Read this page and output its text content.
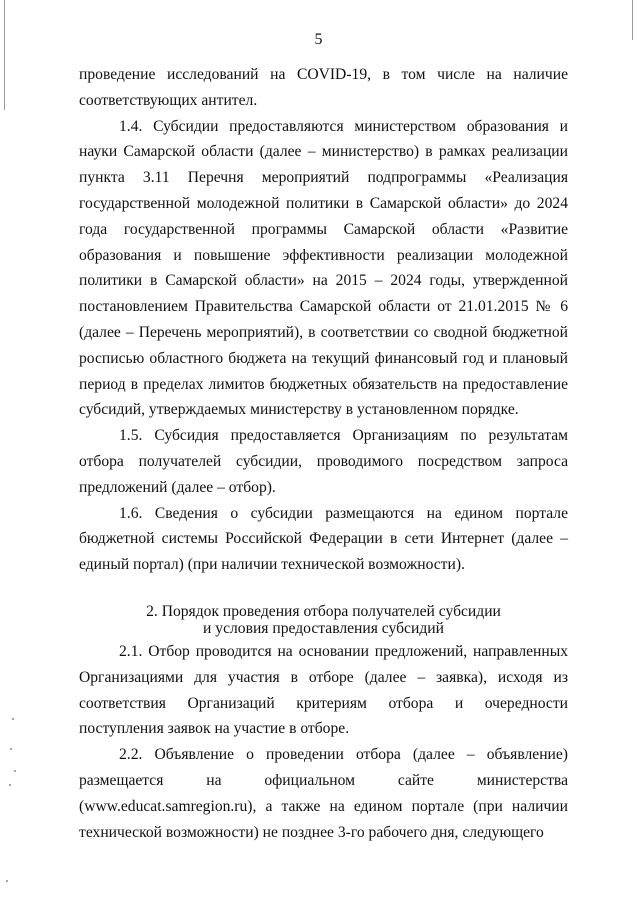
5

проведение исследований на COVID-19, в том числе на наличие соответствующих антител.

1.4. Субсидии предоставляются министерством образования и науки Самарской области (далее – министерство) в рамках реализации пункта 3.11 Перечня мероприятий подпрограммы «Реализация государственной молодежной политики в Самарской области» до 2024 года государственной программы Самарской области «Развитие образования и повышение эффективности реализации молодежной политики в Самарской области» на 2015 – 2024 годы, утвержденной постановлением Правительства Самарской области от 21.01.2015 № 6 (далее – Перечень мероприятий), в соответствии со сводной бюджетной росписью областного бюджета на текущий финансовый год и плановый период в пределах лимитов бюджетных обязательств на предоставление субсидий, утверждаемых министерству в установленном порядке.

1.5. Субсидия предоставляется Организациям по результатам отбора получателей субсидии, проводимого посредством запроса предложений (далее – отбор).

1.6. Сведения о субсидии размещаются на едином портале бюджетной системы Российской Федерации в сети Интернет (далее – единый портал) (при наличии технической возможности).

2. Порядок проведения отбора получателей субсидии
и условия предоставления субсидий

2.1. Отбор проводится на основании предложений, направленных Организациями для участия в отборе (далее – заявка), исходя из соответствия Организаций критериям отбора и очередности поступления заявок на участие в отборе.

2.2. Объявление о проведении отбора (далее – объявление) размещается на официальном сайте министерства (www.educat.samregion.ru), а также на едином портале (при наличии технической возможности) не позднее 3-го рабочего дня, следующего
